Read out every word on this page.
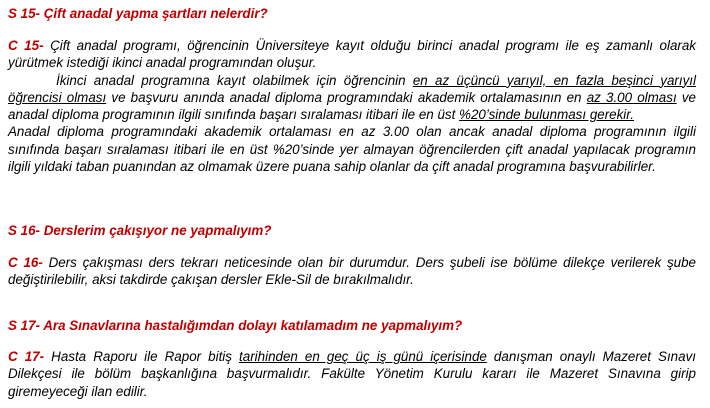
S 15- Çift anadal yapma şartları nelerdir?
C 15- Çift anadal programı, öğrencinin Üniversiteye kayıt olduğu birinci anadal programı ile eş zamanlı olarak yürütmek istediği ikinci anadal programından oluşur.
İkinci anadal programına kayıt olabilmek için öğrencinin en az üçüncü yarıyıl, en fazla beşinci yarıyıl öğrencisi olması ve başvuru anında anadal diploma programındaki akademik ortalamasının en az 3.00 olması ve anadal diploma programının ilgili sınıfında başarı sıralaması itibari ile en üst %20’sinde bulunması gerekir.
Anadal diploma programındaki akademik ortalaması en az 3.00 olan ancak anadal diploma programının ilgili sınıfında başarı sıralaması itibari ile en üst %20’sinde yer almayan öğrencilerden çift anadal yapılacak programın ilgili yıldaki taban puanından az olmamak üzere puana sahip olanlar da çift anadal programına başvurabilirler.
S 16- Derslerim çakışıyor ne yapmalıyım?
C 16- Ders çakışması ders tekrarı neticesinde olan bir durumdur. Ders şubeli ise bölüme dilekçe verilerek şube değiştirilebilir, aksi takdirde çakışan dersler Ekle-Sil de bırakılmalıdır.
S 17- Ara Sınavlarına hastalığımdan dolayı katılamadım ne yapmalıyım?
C 17- Hasta Raporu ile Rapor bitiş tarihinden en geç üç iş günü içerisinde danışman onaylı Mazeret Sınavı Dilekçesi ile bölüm başkanlığına başvurmalıdır. Fakülte Yönetim Kurulu kararı ile Mazeret Sınavına girip giremeyeceği ilan edilir.
